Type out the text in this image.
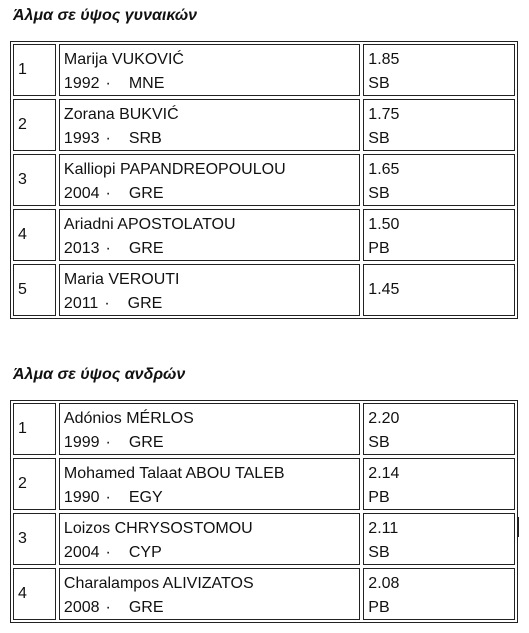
Άλμα σε ύψος γυναικών
1
Marija VUKOVIĆ
1992 · MNE
1.85
SB
2
Zorana BUKVIĆ
1993 · SRB
1.75
SB
3
Kalliopi PAPANDREOPOULOU
2004 · GRE
1.65
SB
4
Ariadni APOSTOLATOU
2013 · GRE
1.50
PB
5
Maria VEROUTI
2011 · GRE
1.45
Άλμα σε ύψος ανδρών
1
Adónios MÉRLOS
1999 · GRE
2.20
SB
2
Mohamed Talaat ABOU TALEB
1990 · EGY
2.14
PB
3
Loizos CHRYSOSTOMOU
2004 · CYP
2.11
SB
4
Charalampos ALIVIZATOS
2008 · GRE
2.08
PB
